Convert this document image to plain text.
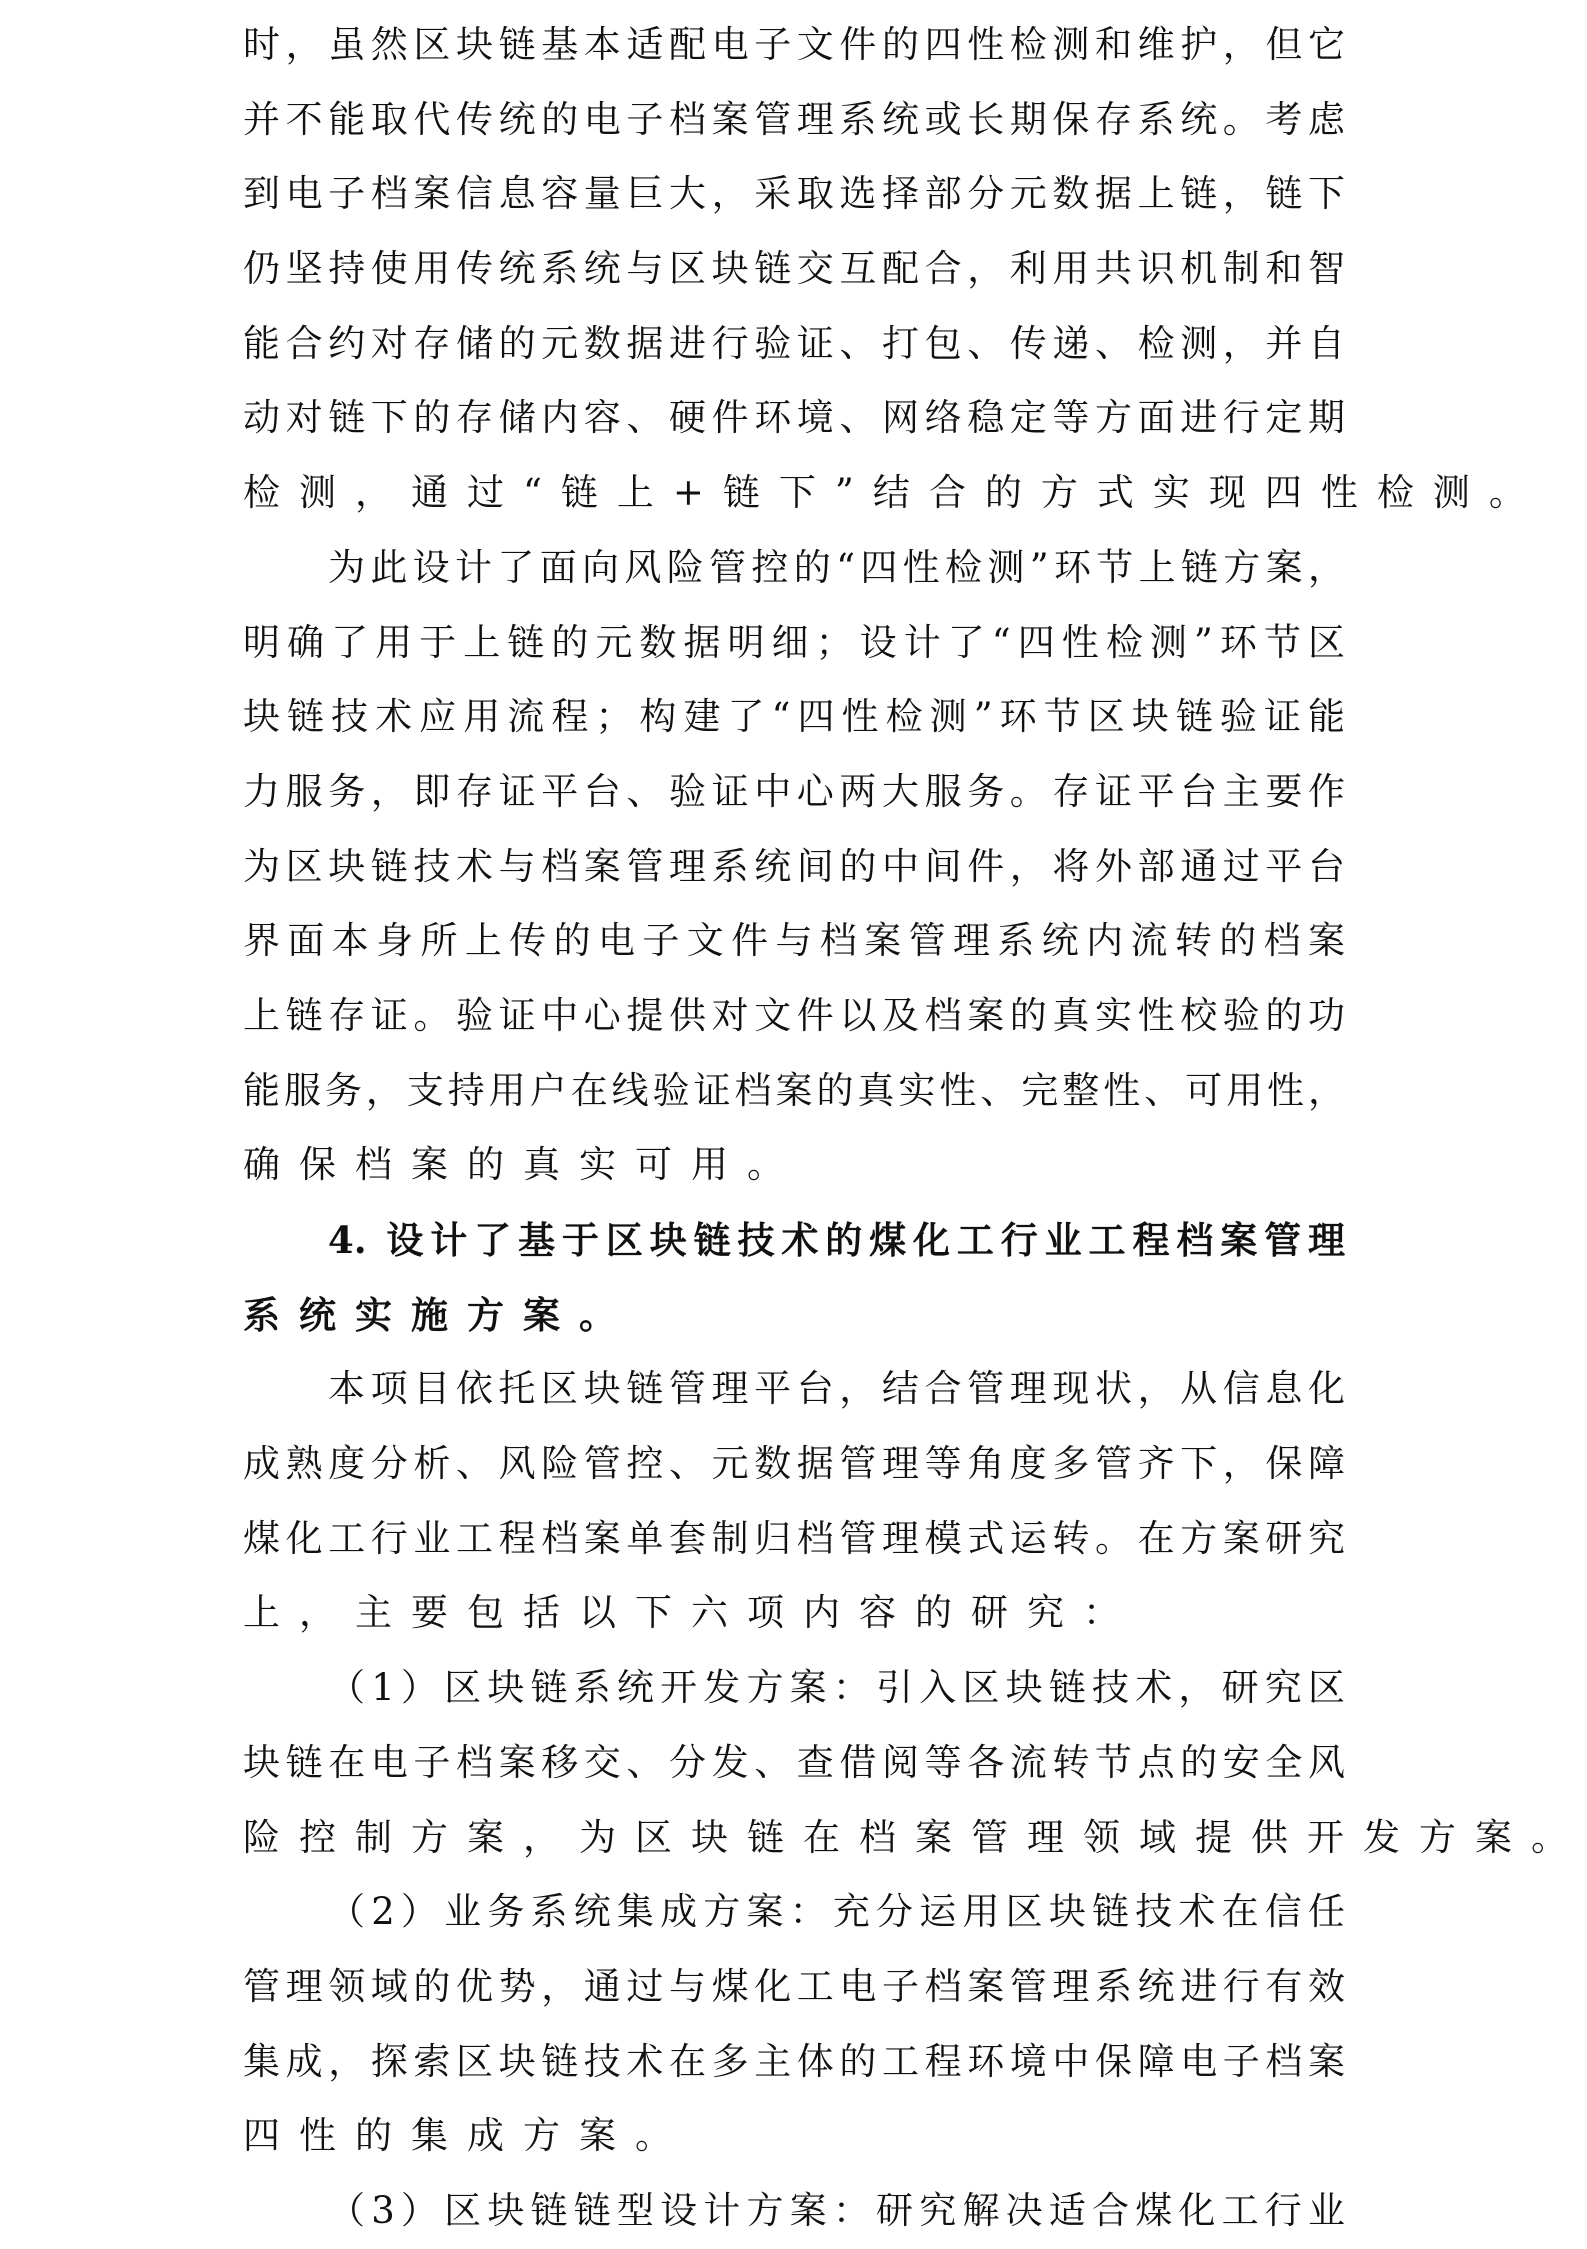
时，虽然区块链基本适配电子文件的四性检测和维护，但它
并不能取代传统的电子档案管理系统或长期保存系统。考虑
到电子档案信息容量巨大，采取选择部分元数据上链，链下
仍坚持使用传统系统与区块链交互配合，利用共识机制和智
能合约对存储的元数据进行验证、打包、传递、检测，并自
动对链下的存储内容、硬件环境、网络稳定等方面进行定期
检测，通过“链上+链下”结合的方式实现四性检测。
为此设计了面向风险管控的“四性检测”环节上链方案，
明确了用于上链的元数据明细；设计了“四性检测”环节区
块链技术应用流程；构建了“四性检测”环节区块链验证能
力服务，即存证平台、验证中心两大服务。存证平台主要作
为区块链技术与档案管理系统间的中间件，将外部通过平台
界面本身所上传的电子文件与档案管理系统内流转的档案
上链存证。验证中心提供对文件以及档案的真实性校验的功
能服务，支持用户在线验证档案的真实性、完整性、可用性，
确保档案的真实可用。
4. 设计了基于区块链技术的煤化工行业工程档案管理
系统实施方案。
本项目依托区块链管理平台，结合管理现状，从信息化
成熟度分析、风险管控、元数据管理等角度多管齐下，保障
煤化工行业工程档案单套制归档管理模式运转。在方案研究
上，主要包括以下六项内容的研究：
（1）区块链系统开发方案：引入区块链技术，研究区
块链在电子档案移交、分发、查借阅等各流转节点的安全风
险控制方案，为区块链在档案管理领域提供开发方案。
（2）业务系统集成方案：充分运用区块链技术在信任
管理领域的优势，通过与煤化工电子档案管理系统进行有效
集成，探索区块链技术在多主体的工程环境中保障电子档案
四性的集成方案。
（3）区块链链型设计方案：研究解决适合煤化工行业
